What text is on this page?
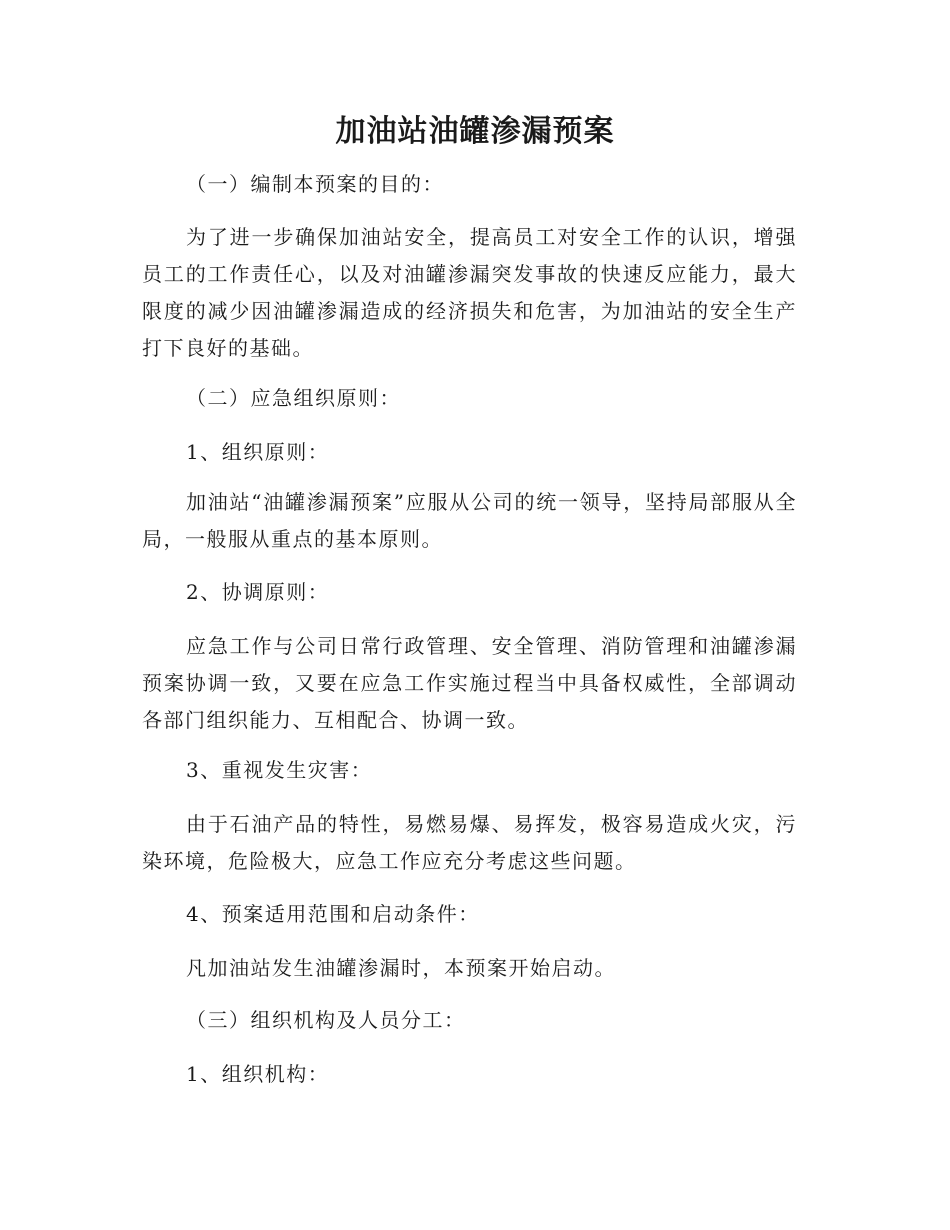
加油站油罐渗漏预案

（一）编制本预案的目的：

为了进一步确保加油站安全，提高员工对安全工作的认识，增强员工的工作责任心，以及对油罐渗漏突发事故的快速反应能力，最大限度的减少因油罐渗漏造成的经济损失和危害，为加油站的安全生产打下良好的基础。

（二）应急组织原则：

1、组织原则：

加油站“油罐渗漏预案”应服从公司的统一领导，坚持局部服从全局，一般服从重点的基本原则。

2、协调原则：

应急工作与公司日常行政管理、安全管理、消防管理和油罐渗漏预案协调一致，又要在应急工作实施过程当中具备权威性，全部调动各部门组织能力、互相配合、协调一致。

3、重视发生灾害：

由于石油产品的特性，易燃易爆、易挥发，极容易造成火灾，污染环境，危险极大，应急工作应充分考虑这些问题。

4、预案适用范围和启动条件：

凡加油站发生油罐渗漏时，本预案开始启动。

（三）组织机构及人员分工：

1、组织机构：
